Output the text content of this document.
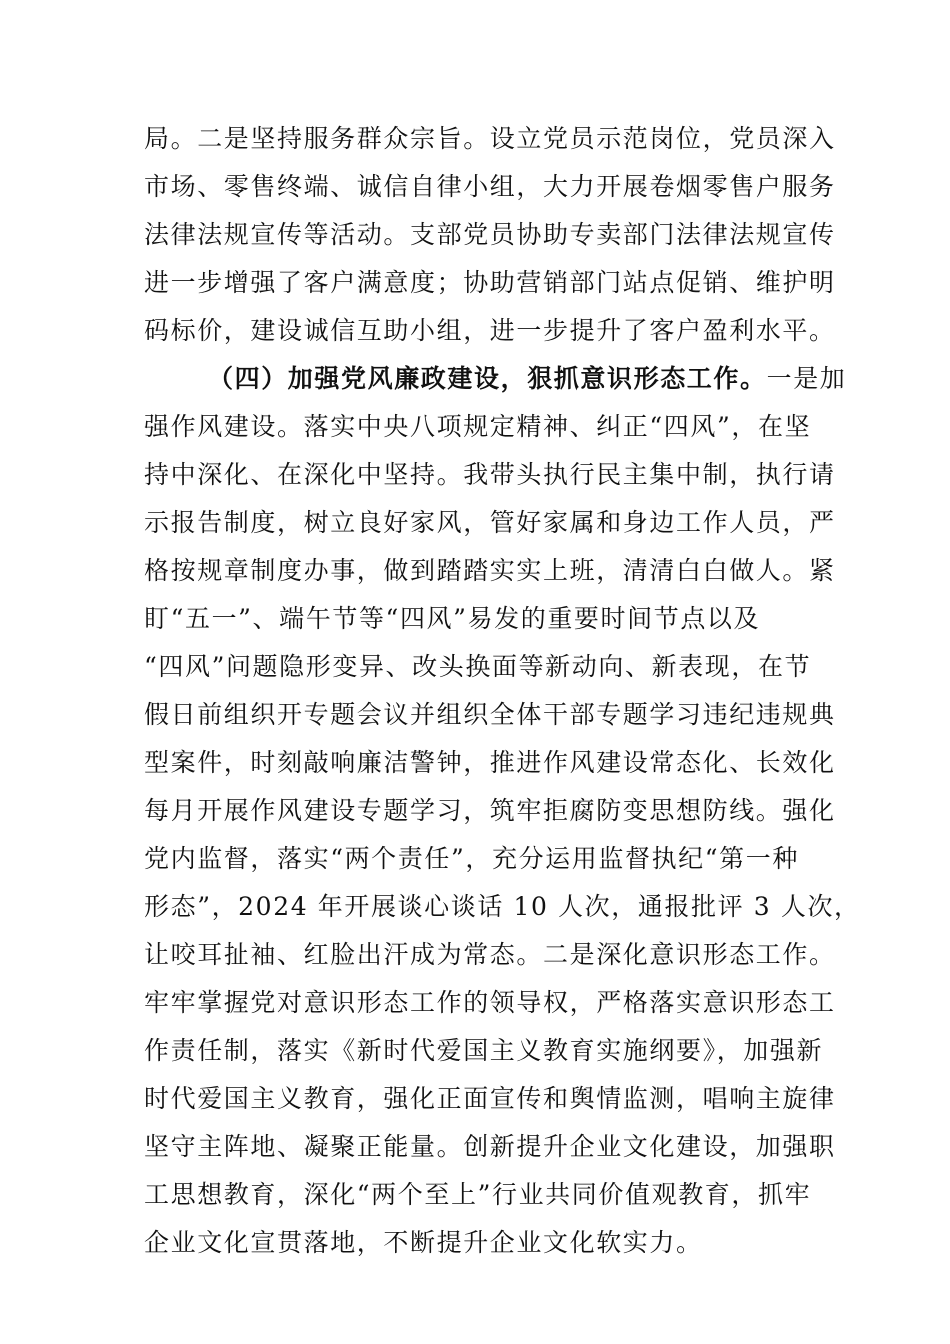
局。二是坚持服务群众宗旨。设立党员示范岗位，党员深入
市场、零售终端、诚信自律小组，大力开展卷烟零售户服务
法律法规宣传等活动。支部党员协助专卖部门法律法规宣传
进一步增强了客户满意度；协助营销部门站点促销、维护明
码标价，建设诚信互助小组，进一步提升了客户盈利水平。
（四）加强党风廉政建设，狠抓意识形态工作。一是加
强作风建设。落实中央八项规定精神、纠正“四风”，在坚
持中深化、在深化中坚持。我带头执行民主集中制，执行请
示报告制度，树立良好家风，管好家属和身边工作人员，严
格按规章制度办事，做到踏踏实实上班，清清白白做人。紧
盯“五一”、端午节等“四风”易发的重要时间节点以及
“四风”问题隐形变异、改头换面等新动向、新表现，在节
假日前组织开专题会议并组织全体干部专题学习违纪违规典
型案件，时刻敲响廉洁警钟，推进作风建设常态化、长效化
每月开展作风建设专题学习，筑牢拒腐防变思想防线。强化
党内监督，落实“两个责任”，充分运用监督执纪“第一种
形态”，2024 年开展谈心谈话 10 人次，通报批评 3 人次，
让咬耳扯袖、红脸出汗成为常态。二是深化意识形态工作。
牢牢掌握党对意识形态工作的领导权，严格落实意识形态工
作责任制，落实《新时代爱国主义教育实施纲要》，加强新
时代爱国主义教育，强化正面宣传和舆情监测，唱响主旋律
坚守主阵地、凝聚正能量。创新提升企业文化建设，加强职
工思想教育，深化“两个至上”行业共同价值观教育，抓牢
企业文化宣贯落地，不断提升企业文化软实力。
